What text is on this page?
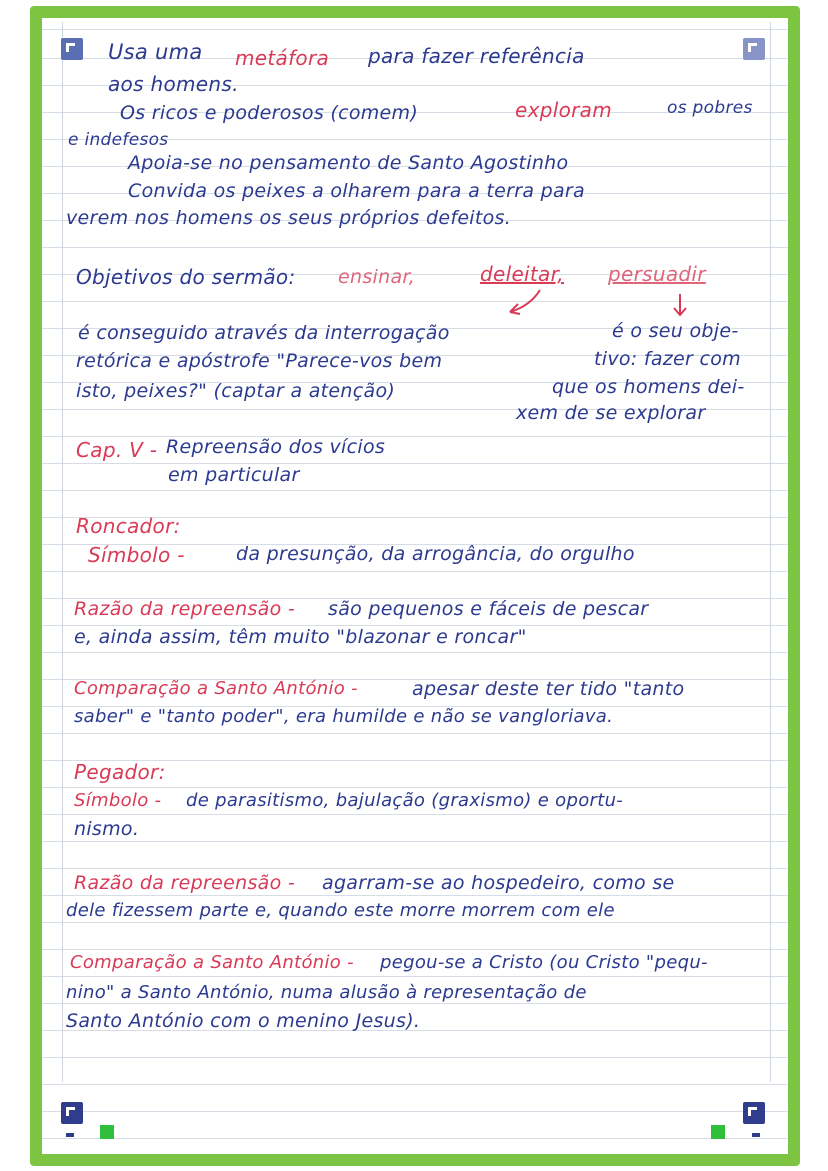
Usa uma metáfora para fazer referência
aos homens.
Os ricos e poderosos (comem)	exploram	os pobres
e indefesos
Apoia-se no pensamento de Santo Agostinho
Convida os peixes a olharem para a terra para
verem nos homens os seus próprios defeitos.
Objetivos do sermão: ensinar,	deleitar, persuadir
é conseguido através da interrogação
retórica e apóstrofe "Parece-vos bem
isto, peixes?" (captar a atenção)
é o seu obje-
tivo: fazer com
que os homens dei-
xem de se explorar
Cap. V - Repreensão dos vícios
em particular
Roncador:
Símbolo -	da presunção, da arrogância, do orgulho
Razão da repreensão - são pequenos e fáceis de pescar
e, ainda assim, têm muito "blazonar e roncar"
Comparação a Santo António -	apesar deste ter tido "tanto
saber" e "tanto poder", era humilde e não se vangloriava.
Pegador:
Símbolo - de parasitismo, bajulação (graxismo) e oportu-
nismo.
Razão da repreensão - agarram-se ao hospedeiro, como se
dele fizessem parte e, quando este morre morrem com ele
Comparação a Santo António - pegou-se a Cristo (ou Cristo "pequ-
nino" a Santo António, numa alusão à representação de
Santo António com o menino Jesus).
